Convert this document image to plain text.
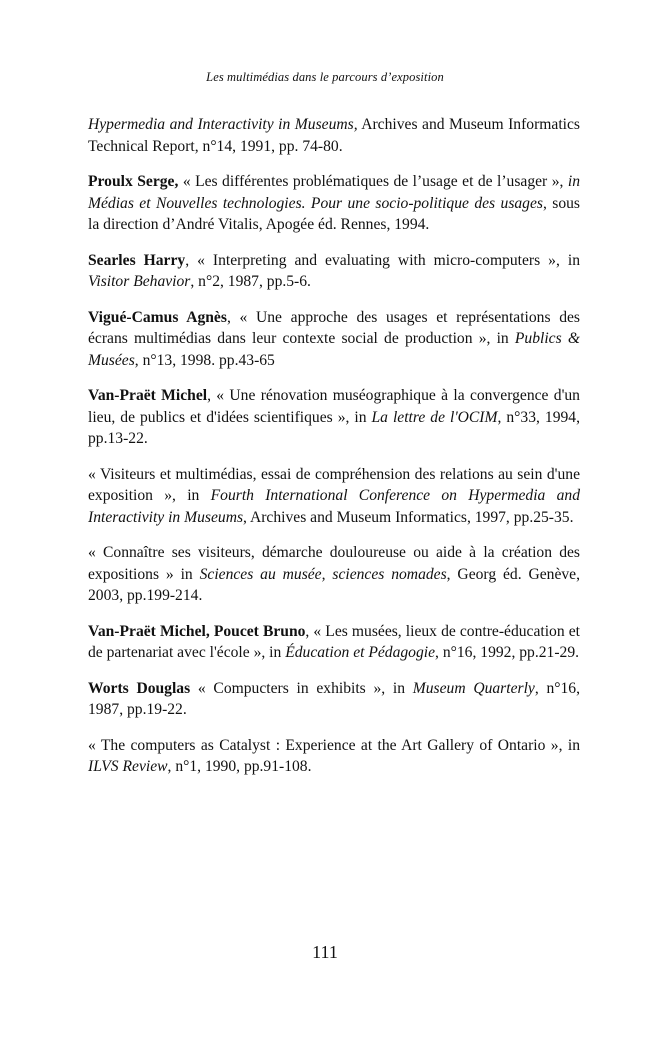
Les multimédias dans le parcours d’exposition

Hypermedia and Interactivity in Museums, Archives and Museum Informatics Technical Report, n°14, 1991, pp. 74-80.

Proulx Serge, « Les différentes problématiques de l’usage et de l’usager », in Médias et Nouvelles technologies. Pour une socio-politique des usages, sous la direction d’André Vitalis, Apogée éd. Rennes, 1994.

Searles Harry, « Interpreting and evaluating with micro-computers », in Visitor Behavior, n°2, 1987, pp.5-6.

Vigué-Camus Agnès, « Une approche des usages et représentations des écrans multimédias dans leur contexte social de production », in Publics & Musées, n°13, 1998. pp.43-65

Van-Praët Michel, « Une rénovation muséographique à la convergence d'un lieu, de publics et d'idées scientifiques », in La lettre de l'OCIM, n°33, 1994, pp.13-22.

« Visiteurs et multimédias, essai de compréhension des relations au sein d'une exposition », in Fourth International Conference on Hypermedia and Interactivity in Museums, Archives and Museum Informatics, 1997, pp.25-35.

« Connaître ses visiteurs, démarche douloureuse ou aide à la création des expositions » in Sciences au musée, sciences nomades, Georg éd. Genève, 2003, pp.199-214.

Van-Praët Michel, Poucet Bruno, « Les musées, lieux de contre-éducation et de partenariat avec l'école », in Éducation et Pédagogie, n°16, 1992, pp.21-29.

Worts Douglas « Compucters in exhibits », in Museum Quarterly, n°16, 1987, pp.19-22.

« The computers as Catalyst : Experience at the Art Gallery of Ontario », in ILVS Review, n°1, 1990, pp.91-108.

111
